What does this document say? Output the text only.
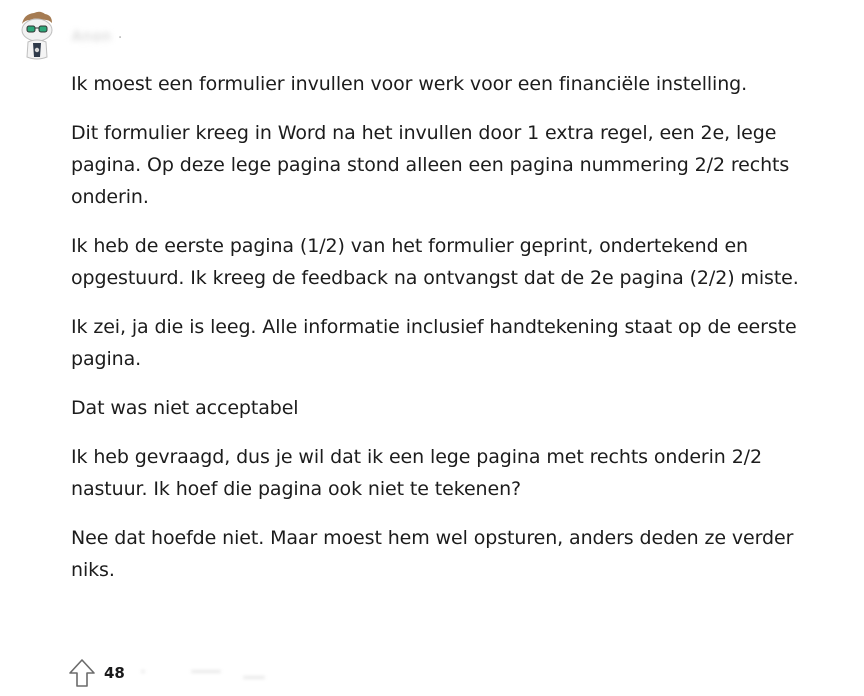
Anon ·

Ik moest een formulier invullen voor werk voor een financiële instelling.

Dit formulier kreeg in Word na het invullen door 1 extra regel, een 2e, lege pagina. Op deze lege pagina stond alleen een pagina nummering 2/2 rechts onderin.

Ik heb de eerste pagina (1/2) van het formulier geprint, ondertekend en opgestuurd. Ik kreeg de feedback na ontvangst dat de 2e pagina (2/2) miste.

Ik zei, ja die is leeg. Alle informatie inclusief handtekening staat op de eerste pagina.

Dat was niet acceptabel

Ik heb gevraagd, dus je wil dat ik een lege pagina met rechts onderin 2/2 nastuur. Ik hoef die pagina ook niet te tekenen?

Nee dat hoefde niet. Maar moest hem wel opsturen, anders deden ze verder niks.

48
